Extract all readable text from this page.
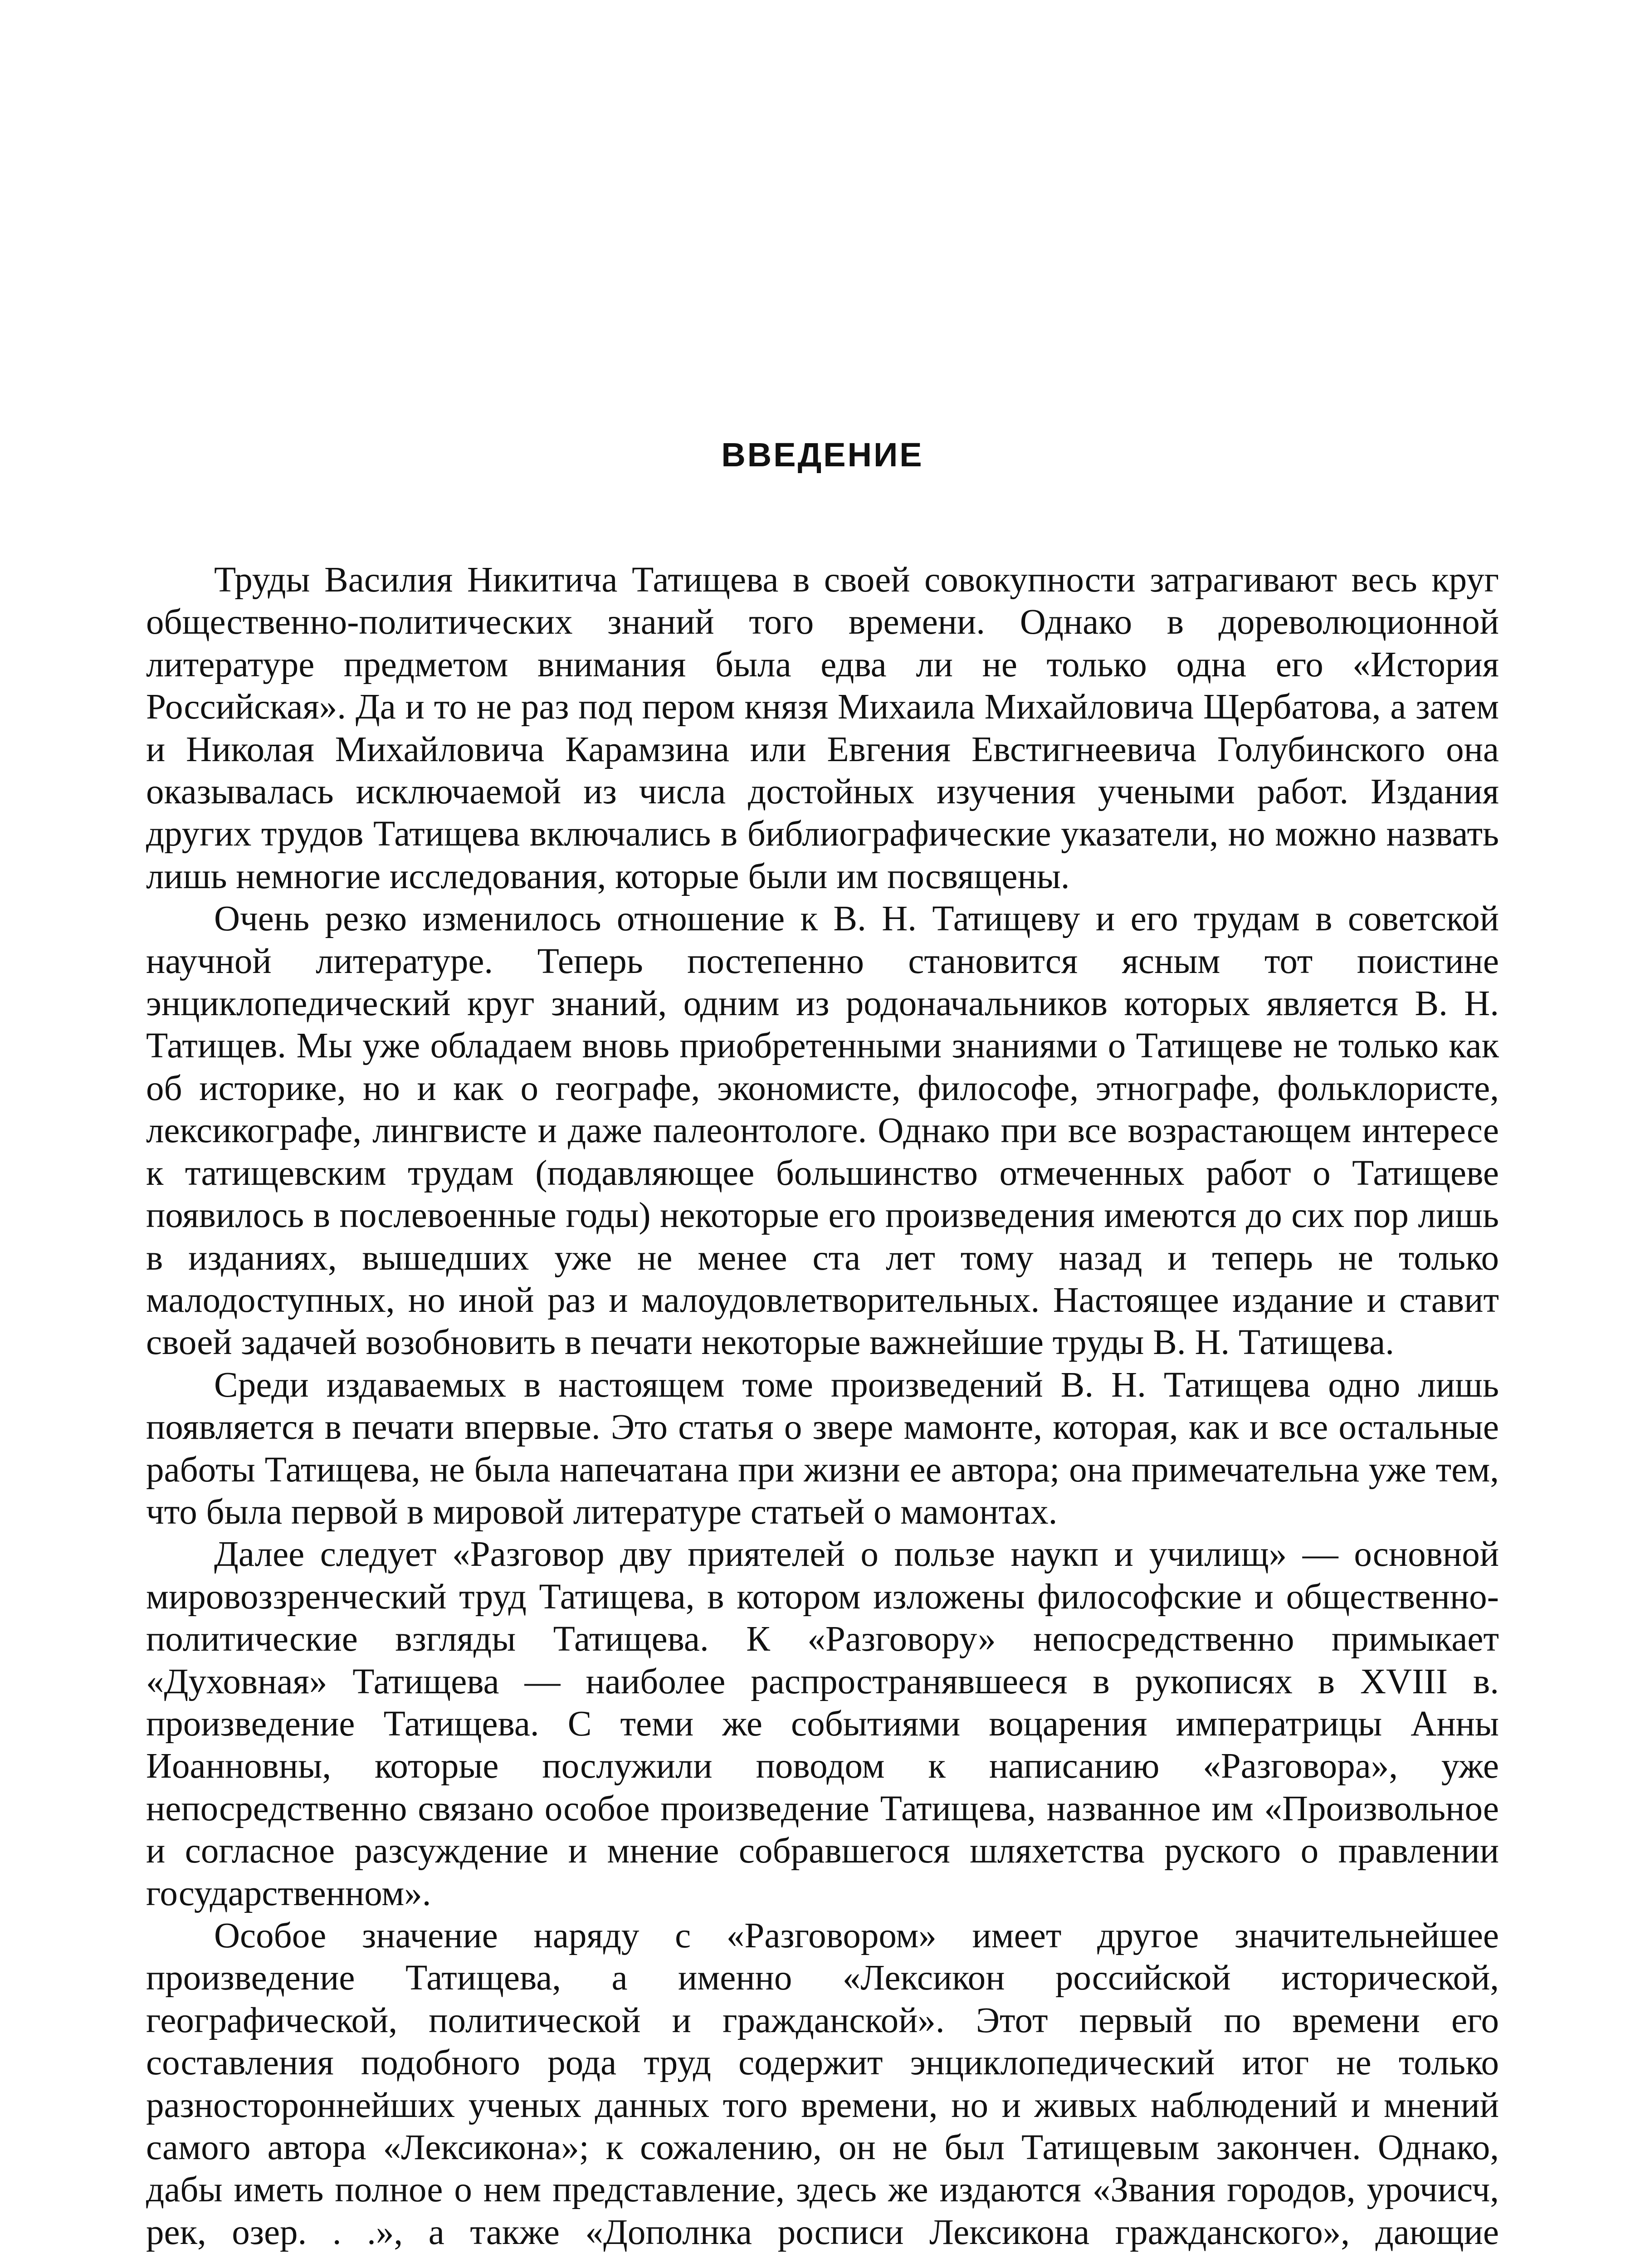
ВВЕДЕНИЕ

Труды Василия Никитича Татищева в своей совокупности затрагивают весь круг общественно-политических знаний того времени. Однако в дореволюционной литературе предметом внимания была едва ли не только одна его «История Российская». Да и то не раз под пером князя Михаила Михайловича Щербатова, а затем и Николая Михайловича Карамзина или Евгения Евстигнеевича Голубинского она оказывалась исключаемой из числа достойных изучения учеными работ. Издания других трудов Татищева включались в библиографические указатели, но можно назвать лишь немногие исследования, которые были им посвящены.

Очень резко изменилось отношение к В. Н. Татищеву и его трудам в советской научной литературе. Теперь постепенно становится ясным тот поистине энциклопедический круг знаний, одним из родоначальников которых является В. Н. Татищев. Мы уже обладаем вновь приобретенными знаниями о Татищеве не только как об историке, но и как о географе, экономисте, философе, этнографе, фольклористе, лексикографе, лингвисте и даже палеонтологе. Однако при все возрастающем интересе к татищевским трудам (подавляющее большинство отмеченных работ о Татищеве появилось в послевоенные годы) некоторые его произведения имеются до сих пор лишь в изданиях, вышедших уже не менее ста лет тому назад и теперь не только малодоступных, но иной раз и малоудовлетворительных. Настоящее издание и ставит своей задачей возобновить в печати некоторые важнейшие труды В. Н. Татищева.

Среди издаваемых в настоящем томе произведений В. Н. Татищева одно лишь появляется в печати впервые. Это статья о звере мамонте, которая, как и все остальные работы Татищева, не была напечатана при жизни ее автора; она примечательна уже тем, что была первой в мировой литературе статьей о мамонтах.

Далее следует «Разговор дву приятелей о пользе наукп и училищ» — основной мировоззренческий труд Татищева, в котором изложены философские и общественно-политические взгляды Татищева. К «Разговору» непосредственно примыкает «Духовная» Татищева — наиболее распространявшееся в рукописях в XVIII в. произведение Татищева. С теми же событиями воцарения императрицы Анны Иоанновны, которые послужили поводом к написанию «Разговора», уже непосредственно связано особое произведение Татищева, названное им «Произвольное и согласное разсуждение и мнение собравшегося шляхетства руского о правлении государственном».

Особое значение наряду с «Разговором» имеет другое значительнейшее произведение Татищева, а именно «Лексикон российской исторической, географической, политической и гражданской». Этот первый по времени его составления подобного рода труд содержит энциклопедический итог не только разностороннейших ученых данных того времени, но и живых наблюдений и мнений самого автора «Лексикона»; к сожалению, он не был Татищевым закончен. Однако, дабы иметь полное о нем представление, здесь же издаются «Звания городов, урочисч, рек, озер. . .», а также «Дополнка росписи Лексикона гражданского», дающие
